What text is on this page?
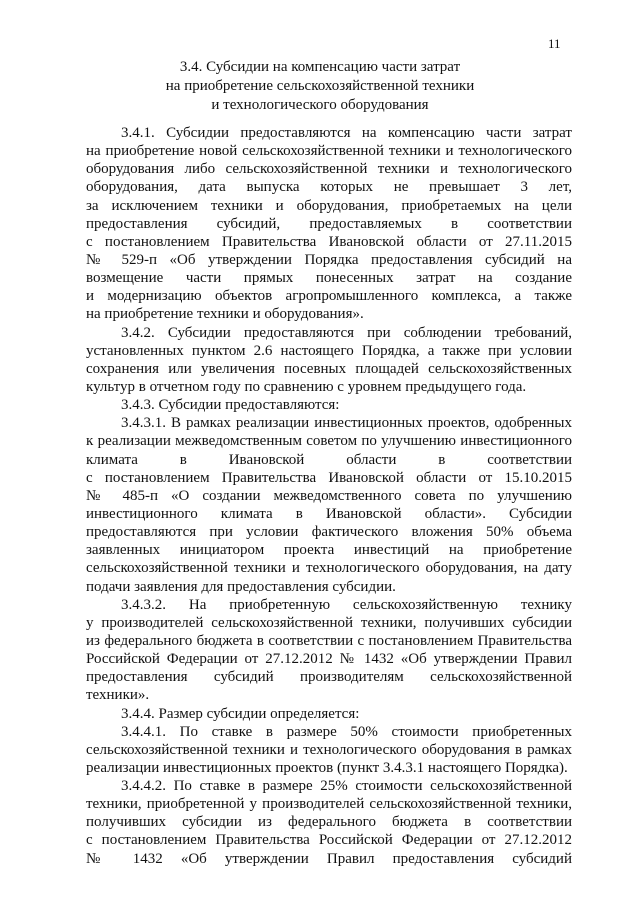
11
3.4. Субсидии на компенсацию части затрат
на приобретение сельскохозяйственной техники
и технологического оборудования
3.4.1. Субсидии предоставляются на компенсацию части затрат
на приобретение новой сельскохозяйственной техники и технологического
оборудования либо сельскохозяйственной техники и технологического
оборудования, дата выпуска которых не превышает 3 лет,
за исключением техники и оборудования, приобретаемых на цели
предоставления субсидий, предоставляемых в соответствии
с постановлением Правительства Ивановской области от 27.11.2015
№ 529-п «Об утверждении Порядка предоставления субсидий на
возмещение части прямых понесенных затрат на создание
и модернизацию объектов агропромышленного комплекса, а также
на приобретение техники и оборудования».
3.4.2. Субсидии предоставляются при соблюдении требований,
установленных пунктом 2.6 настоящего Порядка, а также при условии
сохранения или увеличения посевных площадей сельскохозяйственных
культур в отчетном году по сравнению с уровнем предыдущего года.
3.4.3. Субсидии предоставляются:
3.4.3.1. В рамках реализации инвестиционных проектов, одобренных
к реализации межведомственным советом по улучшению инвестиционного
климата в Ивановской области в соответствии
с постановлением Правительства Ивановской области от 15.10.2015
№ 485-п «О создании межведомственного совета по улучшению
инвестиционного климата в Ивановской области». Субсидии
предоставляются при условии фактического вложения 50% объема
заявленных инициатором проекта инвестиций на приобретение
сельскохозяйственной техники и технологического оборудования, на дату
подачи заявления для предоставления субсидии.
3.4.3.2. На приобретенную сельскохозяйственную технику
у производителей сельскохозяйственной техники, получивших субсидии
из федерального бюджета в соответствии с постановлением Правительства
Российской Федерации от 27.12.2012 № 1432 «Об утверждении Правил
предоставления субсидий производителям сельскохозяйственной
техники».
3.4.4. Размер субсидии определяется:
3.4.4.1. По ставке в размере 50% стоимости приобретенных
сельскохозяйственной техники и технологического оборудования в рамках
реализации инвестиционных проектов (пункт 3.4.3.1 настоящего Порядка).
3.4.4.2. По ставке в размере 25% стоимости сельскохозяйственной
техники, приобретенной у производителей сельскохозяйственной техники,
получивших субсидии из федерального бюджета в соответствии
с постановлением Правительства Российской Федерации от 27.12.2012
№ 1432 «Об утверждении Правил предоставления субсидий
